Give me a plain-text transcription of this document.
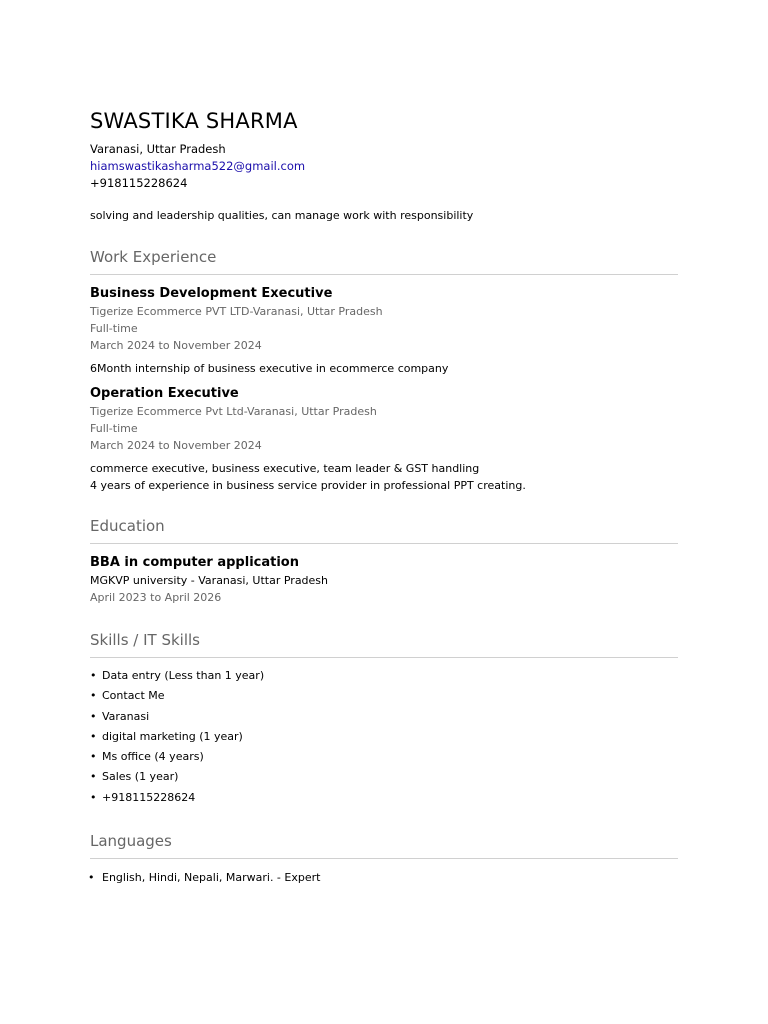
SWASTIKA SHARMA
Varanasi, Uttar Pradesh
hiamswastikasharma522@gmail.com
+918115228624
solving and leadership qualities, can manage work with responsibility
Work Experience
Business Development Executive
Tigerize Ecommerce PVT LTD-Varanasi, Uttar Pradesh
Full-time
March 2024 to November 2024
6Month internship of business executive in ecommerce company
Operation Executive
Tigerize Ecommerce Pvt Ltd-Varanasi, Uttar Pradesh
Full-time
March 2024 to November 2024
commerce executive, business executive, team leader & GST handling
4 years of experience in business service provider in professional PPT creating.
Education
BBA in computer application
MGKVP university - Varanasi, Uttar Pradesh
April 2023 to April 2026
Skills / IT Skills
• Data entry (Less than 1 year)
• Contact Me
• Varanasi
• digital marketing (1 year)
• Ms office (4 years)
• Sales (1 year)
• +918115228624
Languages
• English, Hindi, Nepali, Marwari. - Expert
